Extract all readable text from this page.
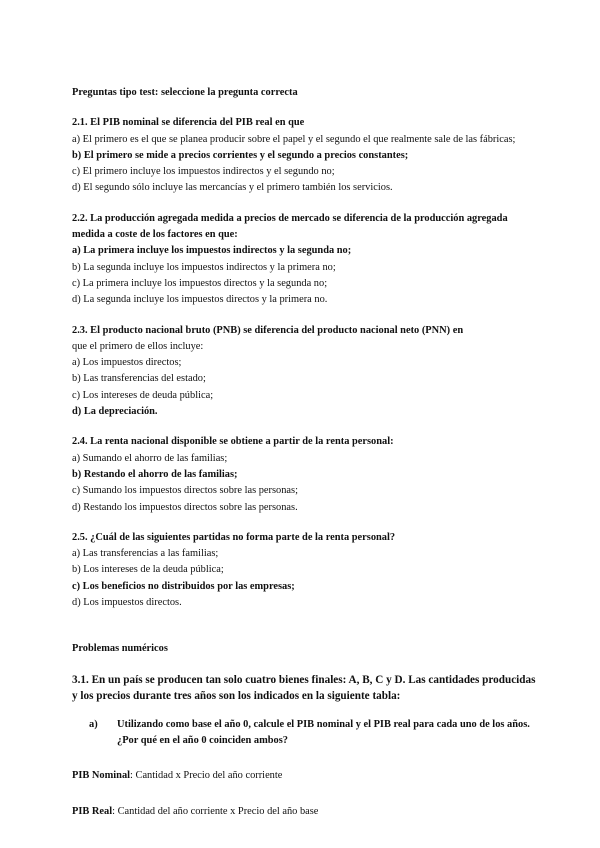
Preguntas tipo test: seleccione la pregunta correcta

2.1. El PIB nominal se diferencia del PIB real en que

a) El primero es el que se planea producir sobre el papel y el segundo el que realmente sale de las fábricas;

b) El primero se mide a precios corrientes y el segundo a precios constantes;

c) El primero incluye los impuestos indirectos y el segundo no;

d) El segundo sólo incluye las mercancías y el primero también los servicios.

2.2. La producción agregada medida a precios de mercado se diferencia de la producción agregada medida a coste de los factores en que:

a) La primera incluye los impuestos indirectos y la segunda no;

b) La segunda incluye los impuestos indirectos y la primera no;

c) La primera incluye los impuestos directos y la segunda no;

d) La segunda incluye los impuestos directos y la primera no.

2.3. El producto nacional bruto (PNB) se diferencia del producto nacional neto (PNN) en

que el primero de ellos incluye:

a) Los impuestos directos;

b) Las transferencias del estado;

c) Los intereses de deuda pública;

d) La depreciación.

2.4. La renta nacional disponible se obtiene a partir de la renta personal:

a) Sumando el ahorro de las familias;

b) Restando el ahorro de las familias;

c) Sumando los impuestos directos sobre las personas;

d) Restando los impuestos directos sobre las personas.

2.5. ¿Cuál de las siguientes partidas no forma parte de la renta personal?

a) Las transferencias a las familias;

b) Los intereses de la deuda pública;

c) Los beneficios no distribuidos por las empresas;

d) Los impuestos directos.

Problemas numéricos

3.1. En un país se producen tan solo cuatro bienes finales: A, B, C y D. Las cantidades producidas y los precios durante tres años son los indicados en la siguiente tabla:

a)	Utilizando como base el año 0, calcule el PIB nominal y el PIB real para cada uno de los años. ¿Por qué en el año 0 coinciden ambos?

PIB Nominal: Cantidad x Precio del año corriente

PIB Real: Cantidad del año corriente x Precio del año base
